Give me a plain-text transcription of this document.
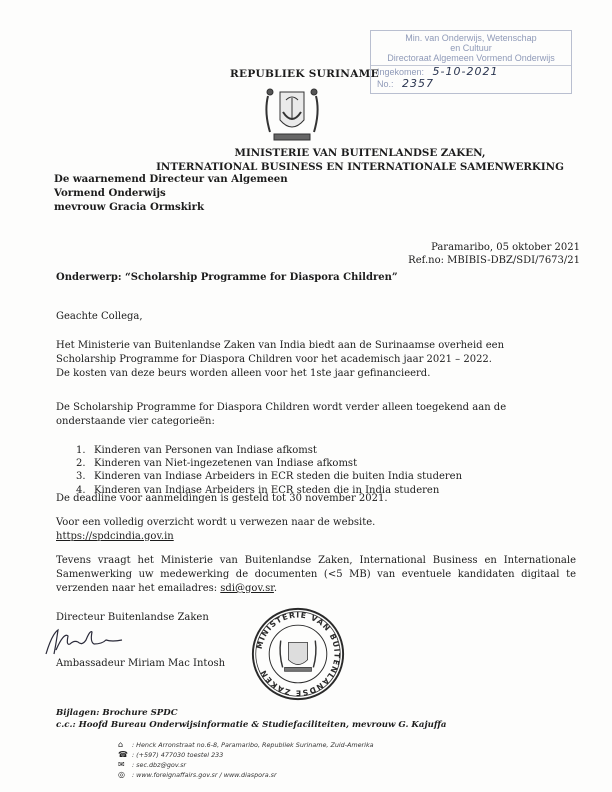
Min. van Onderwijs, Wetenschap
en Cultuur
Directoraat Algemeen Vormend Onderwijs
Ingekomen: 5-10-2021
No.: 2357
REPUBLIEK SURINAME
MINISTERIE VAN BUITENLANDSE ZAKEN,
INTERNATIONAL BUSINESS EN INTERNATIONALE SAMENWERKING
De waarnemend Directeur van Algemeen
Vormend Onderwijs
mevrouw Gracia Ormskirk
Paramaribo, 05 oktober 2021
Ref.no: MBIBIS-DBZ/SDI/7673/21
Onderwerp: “Scholarship Programme for Diaspora Children”
Geachte Collega,
Het Ministerie van Buitenlandse Zaken van India biedt aan de Surinaamse overheid een
Scholarship Programme for Diaspora Children voor het academisch jaar 2021 – 2022.
De kosten van deze beurs worden alleen voor het 1ste jaar gefinancieerd.
De Scholarship Programme for Diaspora Children wordt verder alleen toegekend aan de
onderstaande vier categorieën:
1. Kinderen van Personen van Indiase afkomst
2. Kinderen van Niet-ingezetenen van Indiase afkomst
3. Kinderen van Indiase Arbeiders in ECR steden die buiten India studeren
4. Kinderen van Indiase Arbeiders in ECR steden die in India studeren
De deadline voor aanmeldingen is gesteld tot 30 november 2021.
Voor een volledig overzicht wordt u verwezen naar de website.
https://spdcindia.gov.in
Tevens vraagt het Ministerie van Buitenlandse Zaken, International Business en Internationale Samenwerking uw medewerking de documenten (<5 MB) van eventuele kandidaten digitaal te verzenden naar het emailadres: sdi@gov.sr.
Directeur Buitenlandse Zaken
Ambassadeur Miriam Mac Intosh
MINISTERIE VAN BUITENLANDSE ZAKEN
Bijlagen: Brochure SPDC
c.c.: Hoofd Bureau Onderwijsinformatie & Studiefaciliteiten, mevrouw G. Kajuffa
⌂ : Henck Arronstraat no.6-8, Paramaribo, Republiek Suriname, Zuid-Amerika
☎ : (+597) 477030 toestel 233
✉ : sec.dbz@gov.sr
◎ : www.foreignaffairs.gov.sr / www.diaspora.sr
